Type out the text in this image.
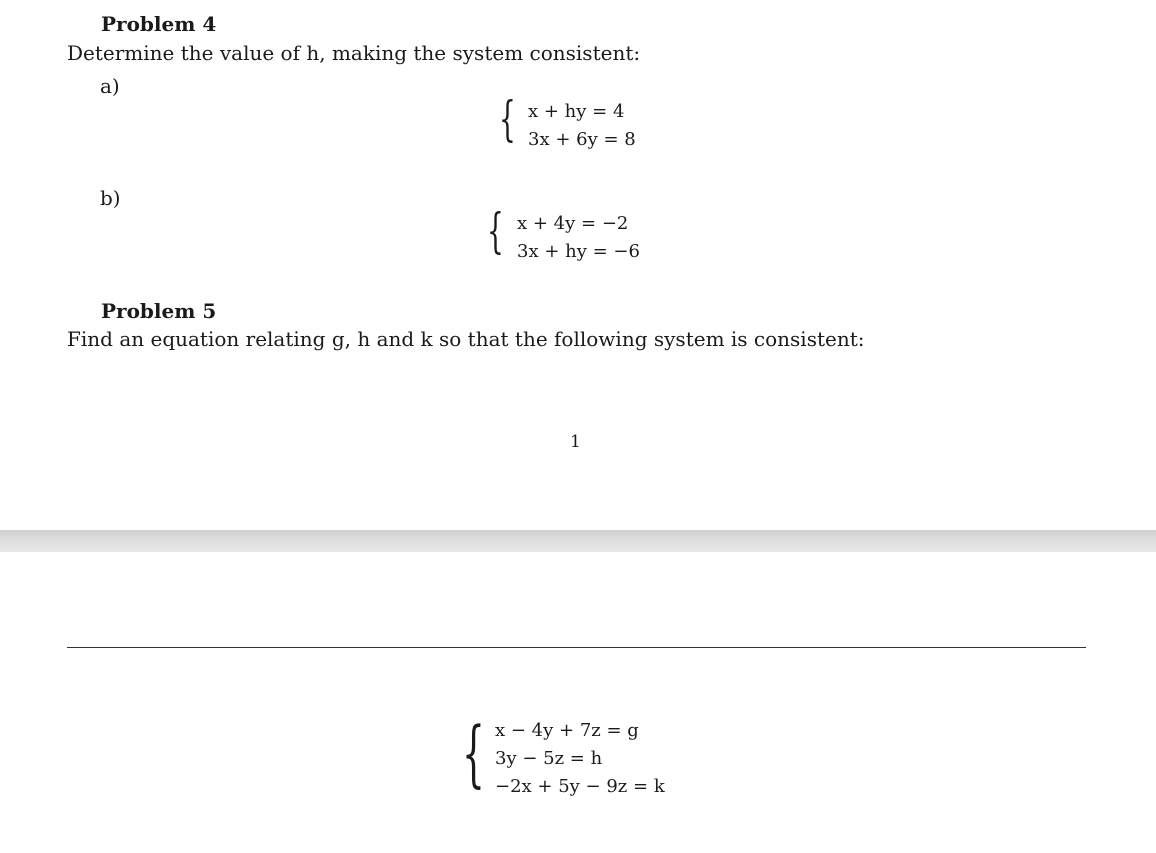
Problem 4
Determine the value of h, making the system consistent:
a)
{ x + hy = 4
3x + 6y = 8
b)
{ x + 4y = −2
3x + hy = −6
Problem 5
Find an equation relating g, h and k so that the following system is consistent:
1
{ x − 4y + 7z = g
3y − 5z = h
−2x + 5y − 9z = k
